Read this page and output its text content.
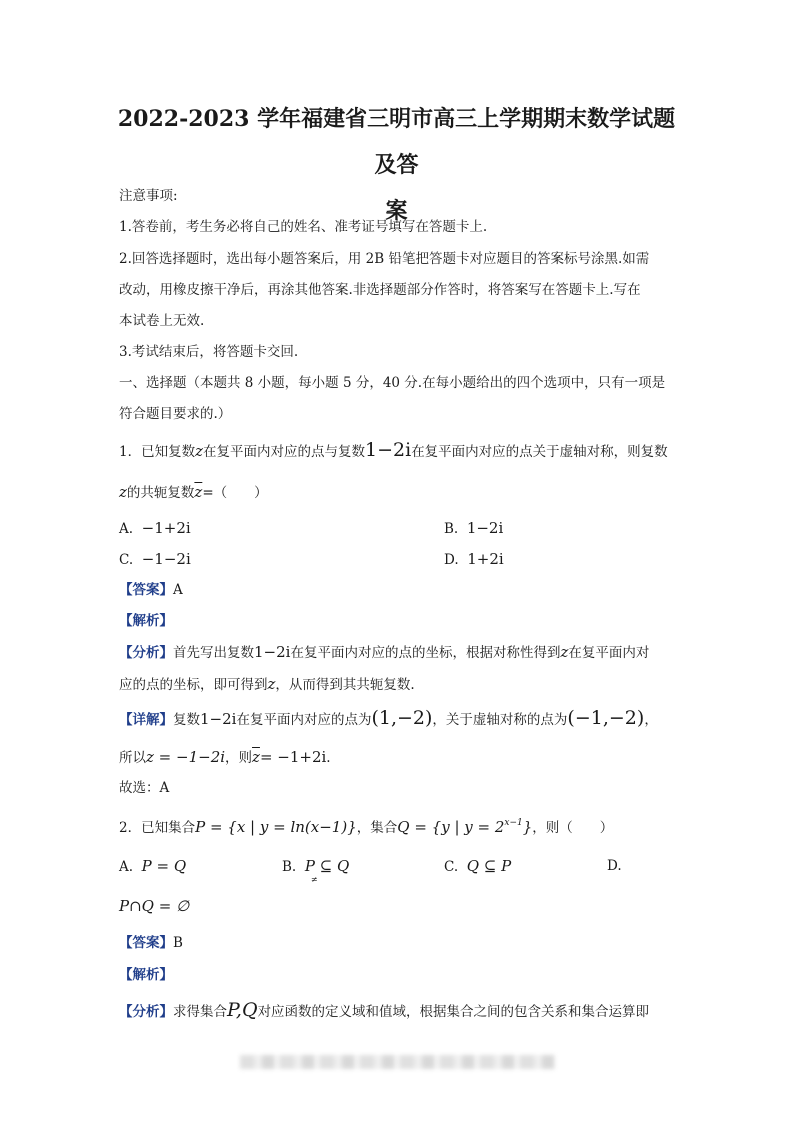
2022-2023 学年福建省三明市高三上学期期末数学试题及答
案
注意事项:
1.答卷前，考生务必将自己的姓名、准考证号填写在答题卡上.
2.回答选择题时，选出每小题答案后，用 2B 铅笔把答题卡对应题目的答案标号涂黑.如需
改动，用橡皮擦干净后，再涂其他答案.非选择题部分作答时，将答案写在答题卡上.写在
本试卷上无效.
3.考试结束后，将答题卡交回.
一、选择题（本题共 8 小题，每小题 5 分，40 分.在每小题给出的四个选项中，只有一项是
符合题目要求的.）
1．已知复数z在复平面内对应的点与复数1−2i在复平面内对应的点关于虚轴对称，则复数
z的共轭复数$\overline{z}=$（　　）
A. −1+2i	B. 1−2i
C. −1−2i	D. 1+2i
【答案】A
【解析】
【分析】首先写出复数1−2i在复平面内对应的点的坐标，根据对称性得到z在复平面内对
应的点的坐标，即可得到z，从而得到其共轭复数.
【详解】复数1−2i在复平面内对应的点为(1,−2)，关于虚轴对称的点为(−1,−2)，
所以z = −1−2i，则$\overline{z}= -1+2i$.
故选：A
2．已知集合P = {x | y = ln(x−1)}，集合Q = {y | $y = 2^{x-1}$}，则（　　）
A. P = Q	B. P ⊆ Q
≠
C. Q ⊆ P	D.
P∩Q = ∅
【答案】B
【解析】
【分析】求得集合P,Q对应函数的定义域和值域，根据集合之间的包含关系和集合运算即
